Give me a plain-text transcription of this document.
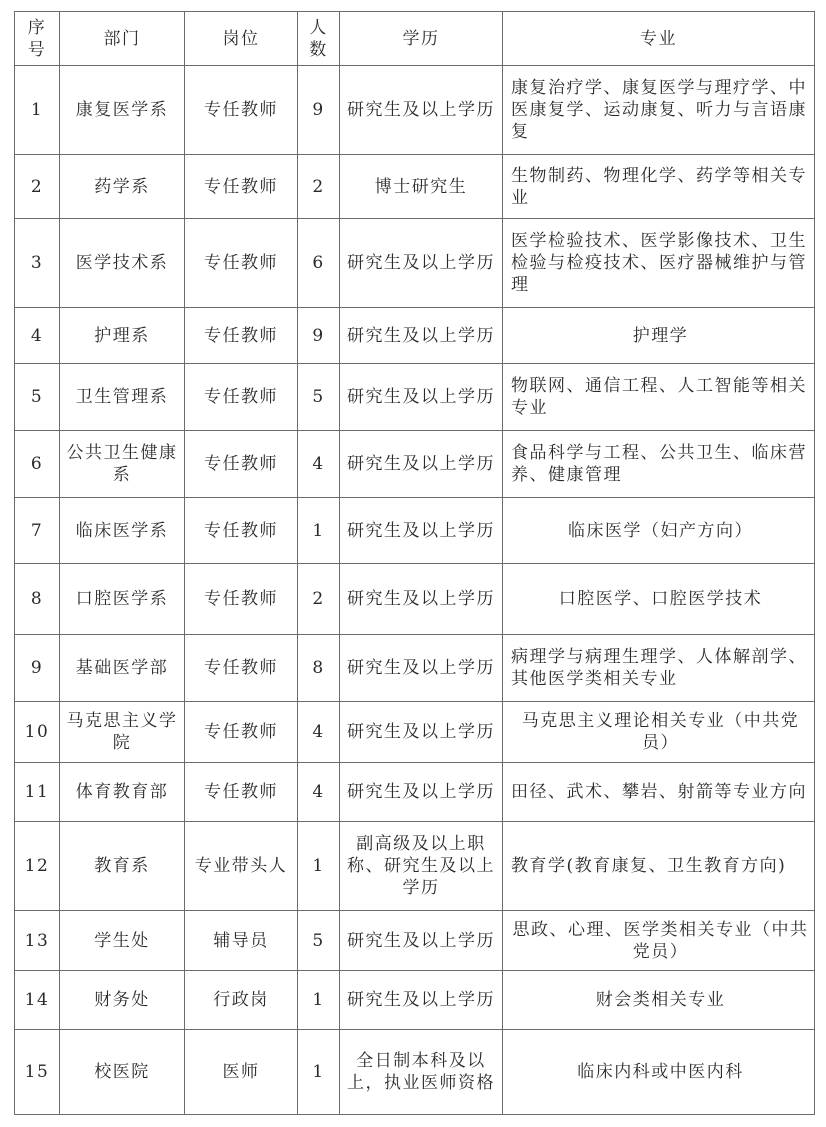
序号	部门	岗位	人数	学历	专业
1	康复医学系	专任教师	9	研究生及以上学历	康复治疗学、康复医学与理疗学、中医康复学、运动康复、听力与言语康复
2	药学系	专任教师	2	博士研究生	生物制药、物理化学、药学等相关专业
3	医学技术系	专任教师	6	研究生及以上学历	医学检验技术、医学影像技术、卫生检验与检疫技术、医疗器械维护与管理
4	护理系	专任教师	9	研究生及以上学历	护理学
5	卫生管理系	专任教师	5	研究生及以上学历	物联网、通信工程、人工智能等相关专业
6	公共卫生健康系	专任教师	4	研究生及以上学历	食品科学与工程、公共卫生、临床营养、健康管理
7	临床医学系	专任教师	1	研究生及以上学历	临床医学（妇产方向）
8	口腔医学系	专任教师	2	研究生及以上学历	口腔医学、口腔医学技术
9	基础医学部	专任教师	8	研究生及以上学历	病理学与病理生理学、人体解剖学、其他医学类相关专业
10	马克思主义学院	专任教师	4	研究生及以上学历	马克思主义理论相关专业（中共党员）
11	体育教育部	专任教师	4	研究生及以上学历	田径、武术、攀岩、射箭等专业方向
12	教育系	专业带头人	1	副高级及以上职称、研究生及以上学历	教育学(教育康复、卫生教育方向)
13	学生处	辅导员	5	研究生及以上学历	思政、心理、医学类相关专业（中共党员）
14	财务处	行政岗	1	研究生及以上学历	财会类相关专业
15	校医院	医师	1	全日制本科及以上，执业医师资格	临床内科或中医内科
